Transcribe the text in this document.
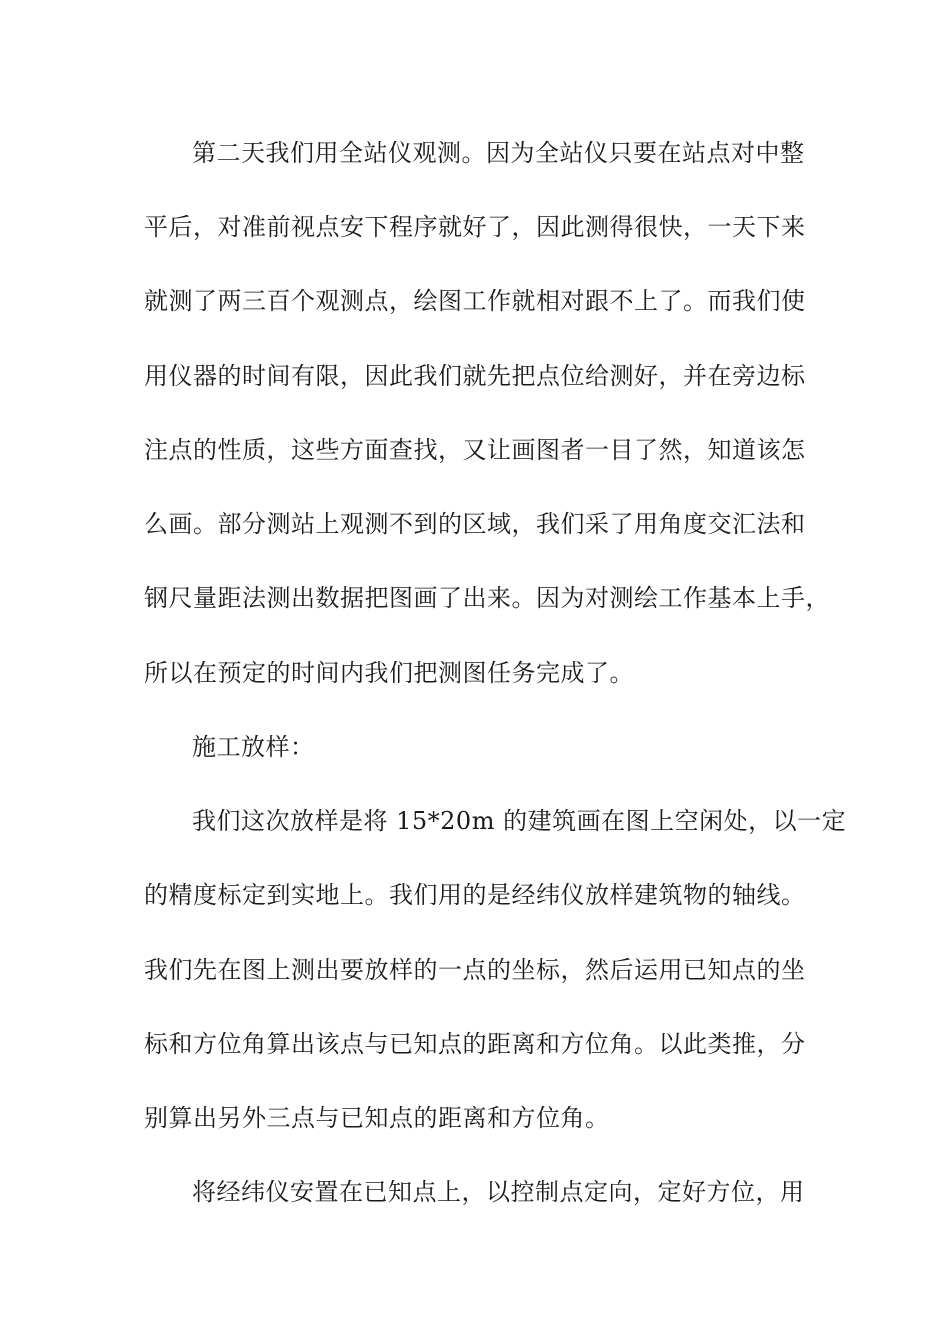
第二天我们用全站仪观测。因为全站仪只要在站点对中整
平后，对准前视点安下程序就好了，因此测得很快，一天下来
就测了两三百个观测点，绘图工作就相对跟不上了。而我们使
用仪器的时间有限，因此我们就先把点位给测好，并在旁边标
注点的性质，这些方面查找，又让画图者一目了然，知道该怎
么画。部分测站上观测不到的区域，我们采了用角度交汇法和
钢尺量距法测出数据把图画了出来。因为对测绘工作基本上手，
所以在预定的时间内我们把测图任务完成了。
施工放样：
我们这次放样是将 15*20m 的建筑画在图上空闲处，以一定
的精度标定到实地上。我们用的是经纬仪放样建筑物的轴线。
我们先在图上测出要放样的一点的坐标，然后运用已知点的坐
标和方位角算出该点与已知点的距离和方位角。以此类推，分
别算出另外三点与已知点的距离和方位角。
将经纬仪安置在已知点上，以控制点定向，定好方位，用
